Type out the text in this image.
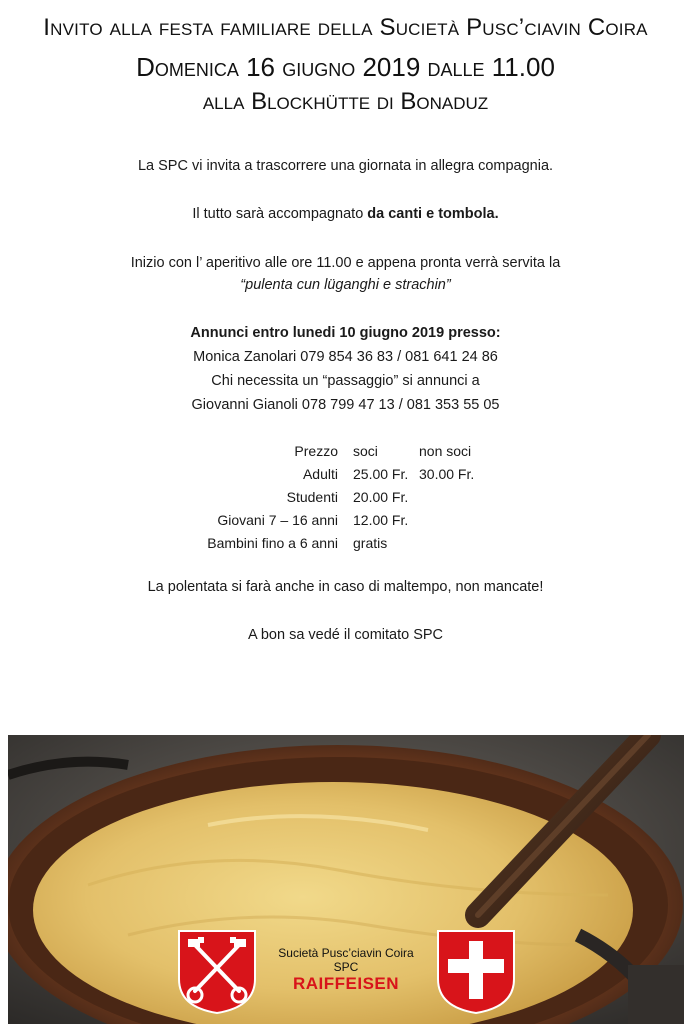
Invito alla festa familiare della Sucietà Pusc’ciavin Coira
Domenica 16 giugno 2019 dalle 11.00
alla Blockhütte di Bonaduz
La SPC vi invita a trascorrere una giornata in allegra compagnia.
Il tutto sarà accompagnato da canti e tombola.
Inizio con l’ aperitivo alle ore 11.00 e appena pronta verrà servita la
“pulenta cun lüganghi e strachin”
Annunci entro lunedi 10 giugno 2019 presso:
Monica Zanolari 079 854 36 83 / 081 641 24 86
Chi necessita un “passaggio” si annunci a
Giovanni Gianoli 078 799 47 13 / 081 353 55 05
Prezzo	soci	non soci
Adulti	25.00 Fr. 30.00 Fr.
Studenti	20.00 Fr.
Giovani 7 – 16 anni	12.00 Fr.
Bambini fino a 6 anni	gratis
La polentata si farà anche in caso di maltempo, non mancate!
A bon sa vedé il comitato SPC
Sucietà Pusc’ciavin Coira
SPC
RAIFFEISEN
